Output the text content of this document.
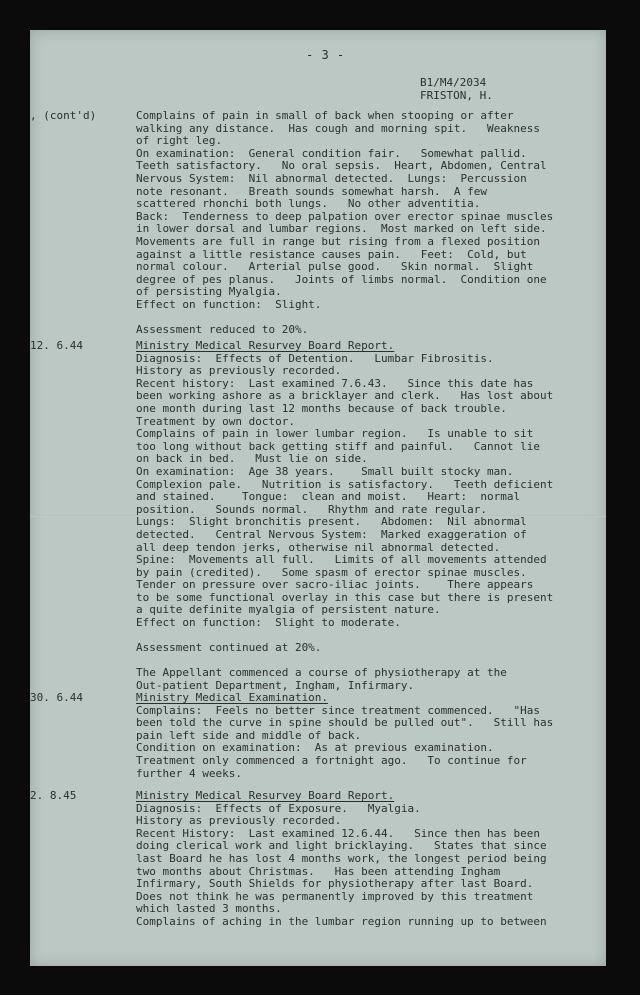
- 3 -
B1/M4/2034
FRISTON, H.
, (cont'd)	Complains of pain in small of back when stooping or after
walking any distance.  Has cough and morning spit.   Weakness
of right leg.
On examination:  General condition fair.   Somewhat pallid.
Teeth satisfactory.   No oral sepsis.  Heart, Abdomen, Central
Nervous System:  Nil abnormal detected.  Lungs:  Percussion
note resonant.   Breath sounds somewhat harsh.  A few
scattered rhonchi both lungs.   No other adventitia.
Back:  Tenderness to deep palpation over erector spinae muscles
in lower dorsal and lumbar regions.  Most marked on left side.
Movements are full in range but rising from a flexed position
against a little resistance causes pain.   Feet:  Cold, but
normal colour.   Arterial pulse good.   Skin normal.  Slight
degree of pes planus.   Joints of limbs normal.  Condition one
of persisting Myalgia.
Effect on function:  Slight.
Assessment reduced to 20%.
12. 6.44	Ministry Medical Resurvey Board Report.
Diagnosis:  Effects of Detention.   Lumbar Fibrositis.
History as previously recorded.
Recent history:  Last examined 7.6.43.   Since this date has
been working ashore as a bricklayer and clerk.   Has lost about
one month during last 12 months because of back trouble.
Treatment by own doctor.
Complains of pain in lower lumbar region.   Is unable to sit
too long without back getting stiff and painful.   Cannot lie
on back in bed.   Must lie on side.
On examination:  Age 38 years.    Small built stocky man.
Complexion pale.   Nutrition is satisfactory.   Teeth deficient
and stained.    Tongue:  clean and moist.   Heart:  normal
position.   Sounds normal.   Rhythm and rate regular.
Lungs:  Slight bronchitis present.   Abdomen:  Nil abnormal
detected.   Central Nervous System:  Marked exaggeration of
all deep tendon jerks, otherwise nil abnormal detected.
Spine:  Movements all full.   Limits of all movements attended
by pain (credited).   Some spasm of erector spinae muscles.
Tender on pressure over sacro-iliac joints.    There appears
to be some functional overlay in this case but there is present
a quite definite myalgia of persistent nature.
Effect on function:  Slight to moderate.
Assessment continued at 20%.
The Appellant commenced a course of physiotherapy at the
Out-patient Department, Ingham, Infirmary.
30. 6.44	Ministry Medical Examination.
Complains:  Feels no better since treatment commenced.   "Has
been told the curve in spine should be pulled out".   Still has
pain left side and middle of back.
Condition on examination:  As at previous examination.
Treatment only commenced a fortnight ago.   To continue for
further 4 weeks.
2. 8.45	Ministry Medical Resurvey Board Report.
Diagnosis:  Effects of Exposure.   Myalgia.
History as previously recorded.
Recent History:  Last examined 12.6.44.   Since then has been
doing clerical work and light bricklaying.   States that since
last Board he has lost 4 months work, the longest period being
two months about Christmas.   Has been attending Ingham
Infirmary, South Shields for physiotherapy after last Board.
Does not think he was permanently improved by this treatment
which lasted 3 months.
Complains of aching in the lumbar region running up to between
